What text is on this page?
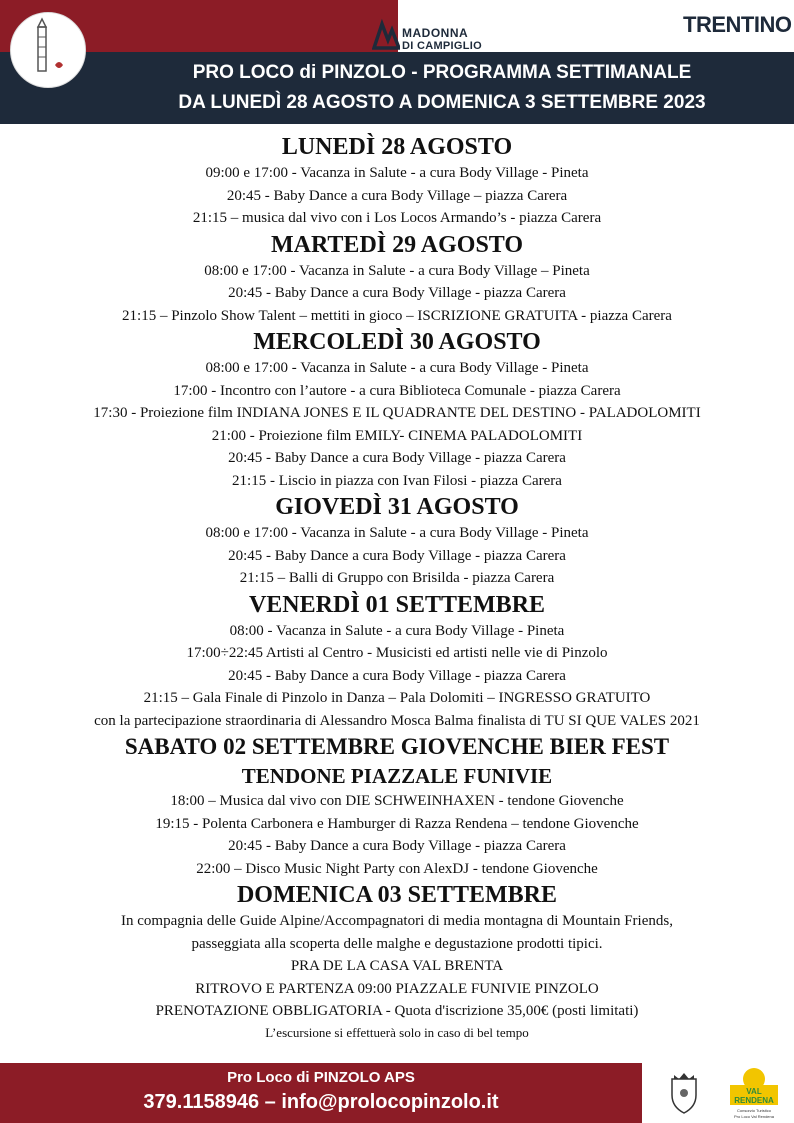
MADONNA
DI CAMPIGLIO
TRENTINO
PRO LOCO di PINZOLO - PROGRAMMA SETTIMANALE
DA LUNEDÌ 28 AGOSTO A DOMENICA 3 SETTEMBRE 2023
LUNEDÌ 28 AGOSTO
09:00 e 17:00 - Vacanza in Salute - a cura Body Village - Pineta
20:45 - Baby Dance a cura Body Village – piazza Carera
21:15 – musica dal vivo con i Los Locos Armando’s - piazza Carera
MARTEDÌ 29 AGOSTO
08:00 e 17:00 - Vacanza in Salute - a cura Body Village – Pineta
20:45 - Baby Dance a cura Body Village - piazza Carera
21:15 – Pinzolo Show Talent – mettiti in gioco – ISCRIZIONE GRATUITA - piazza Carera
MERCOLEDÌ 30 AGOSTO
08:00 e 17:00 - Vacanza in Salute - a cura Body Village - Pineta
17:00 - Incontro con l’autore - a cura Biblioteca Comunale - piazza Carera
17:30 - Proiezione film INDIANA JONES E IL QUADRANTE DEL DESTINO - PALADOLOMITI
21:00 - Proiezione film EMILY- CINEMA PALADOLOMITI
20:45 - Baby Dance a cura Body Village - piazza Carera
21:15 - Liscio in piazza con Ivan Filosi - piazza Carera
GIOVEDÌ 31 AGOSTO
08:00 e 17:00 - Vacanza in Salute - a cura Body Village - Pineta
20:45 - Baby Dance a cura Body Village - piazza Carera
21:15 – Balli di Gruppo con Brisilda - piazza Carera
VENERDÌ 01 SETTEMBRE
08:00 - Vacanza in Salute - a cura Body Village - Pineta
17:00÷22:45 Artisti al Centro - Musicisti ed artisti nelle vie di Pinzolo
20:45 - Baby Dance a cura Body Village - piazza Carera
21:15 – Gala Finale di Pinzolo in Danza – Pala Dolomiti – INGRESSO GRATUITO
con la partecipazione straordinaria di Alessandro Mosca Balma finalista di TU SI QUE VALES 2021
SABATO 02 SETTEMBRE GIOVENCHE BIER FEST
TENDONE PIAZZALE FUNIVIE
18:00 – Musica dal vivo con DIE SCHWEINHAXEN - tendone Giovenche
19:15 - Polenta Carbonera e Hamburger di Razza Rendena – tendone Giovenche
20:45 - Baby Dance a cura Body Village - piazza Carera
22:00 – Disco Music Night Party con AlexDJ - tendone Giovenche
DOMENICA 03 SETTEMBRE
In compagnia delle Guide Alpine/Accompagnatori di media montagna di Mountain Friends,
passeggiata alla scoperta delle malghe e degustazione prodotti tipici.
PRA DE LA CASA VAL BRENTA
RITROVO E PARTENZA 09:00 PIAZZALE FUNIVIE PINZOLO
PRENOTAZIONE OBBLIGATORIA - Quota d'iscrizione 35,00€ (posti limitati)
L’escursione si effettuerà solo in caso di bel tempo
Pro Loco di PINZOLO APS
379.1158946 – info@prolocopinzolo.it	VAL
RENDENA
Consorzio Turistico
Pro Loco Val Rendena
